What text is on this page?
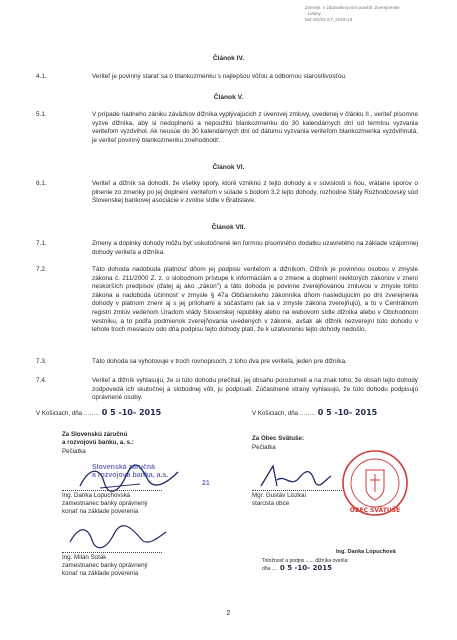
Zverejn. v zdanoslinovom pravidl. Zverejnenke
- Listiny
MZ-3/2/01 K7_2015-13
Článok IV.
4.1.	Veriteľ je povinný starať sa o blankozmenku s najlepšou vôľou a odbornou starostlivosťou.
Článok V.
5.1.	V prípade riadneho zániku záväzkov dlžníka vyplývajúcich z úverovej zmluvy, uvedenej v článku II., veriteľ písomne vyzve dlžníka, aby si nedoplnenú a nepoužitú blankozmenku do 30 kalendárnych dní od termínu vyzvania veriteľom vyzdvihol. Ak neusúe do 30 kalendárnych dní od dátumu vyzvania veriteľom blankozmenka vyzdvihnutá, je veriteľ povinný blankozmenku znehodnotiť.
Článok VI.
6.1.	Veriteľ a dlžník sa dohodli, že všetky spory, ktoré vzniknú z tejto dohody a v súvislosti s ňou, vrátane sporov o plnenie zo zmenky po jej doplnení veriteľom v súlade s bodom 3.2 tejto dohody, rozhodne Stály Rozhodcovský súd Slovenskej bankovej asociácie v zvolne sídle v Bratislave.
Článok VII.
7.1.	Zmeny a doplnky dohody môžu byť uskutočnené len formou písomného dodatku uzavretého na základe vzájomnej dohody veriteľa a dlžníka.
7.2.	Táto dohoda nadobúda platnosť dňom jej podpisu veriteľom a dlžníkom. Dlžník je povinnou osobou v zmysle zákona č. 211/2000 Z. z. o slobodnom prístupe k informáciám a o zmene a doplnení niektorých zákonov v znení neskorších predpisov (ďalej aj ako „zákon") a táto dohoda je povinne zverejňovanou zmluvou v zmysle tohto zákona a nadobúda účinnosť v zmysle § 47a Občianskeho zákonníka dňom nasledujúcim po dni zverejnenia dohody v platnom znení aj s jej prílohami a súčasťami (ak sa v zmysle zákona zverejňujú), a to v Centrálnom registri zmlúv vedenom Úradom vlády Slovenskej republiky alebo na webovom sídle dlžníka alebo v Obchodnom vestníku, a to podľa podmienok zverejňovania uvedených v zákone, avšak ak dlžník nezverejní túto dohodu v lehote troch mesiacov odo dňa podpisu tejto dohody platí, že k uzatvoreniu tejto dohody nedošlo.
7.3.	Táto dohoda sa vyhotovuje v troch rovnopisoch, z toho dva pre veriteľa, jeden pre dlžníka.
7.4.	Veriteľ a dlžník vyhlasujú, že si túto dohodu prečítali, jej obsahu porozumeli a na znak toho, že obsah tejto dohody zodpovedá ich skutočnej a slobodnej vôli, ju podpísali. Zúčastnené strany vyhlasujú, že túto dohodu podpisujú oprávnené osoby.
V Košiciach, dňa ........ 0 5 -10- 2015	V Košiciach, dňa ........ 0 5 -10- 2015
Za Slovenskú záručnú
a rozvojovú banku, a. s.:
Pečiatka
Slovenská záručná
a rozvojová banka, a.s.
21
Ing. Danka Lopuchovská
zamestnanec banky oprávnený
konať na základe poverenia
Za Obec Svätuše:
Pečiatka
OBEC SVÄTUŠE
Mgr. Gustáv Liszkai
starosta obce
Ing. Milan Soták
zamestnanec banky oprávnený
konať na základe poverenia
Ing. Danka Lopuchová
Totožnosť a podpis ...... dlžníka overila:
dňa .... 0 5 -10- 2015
2
